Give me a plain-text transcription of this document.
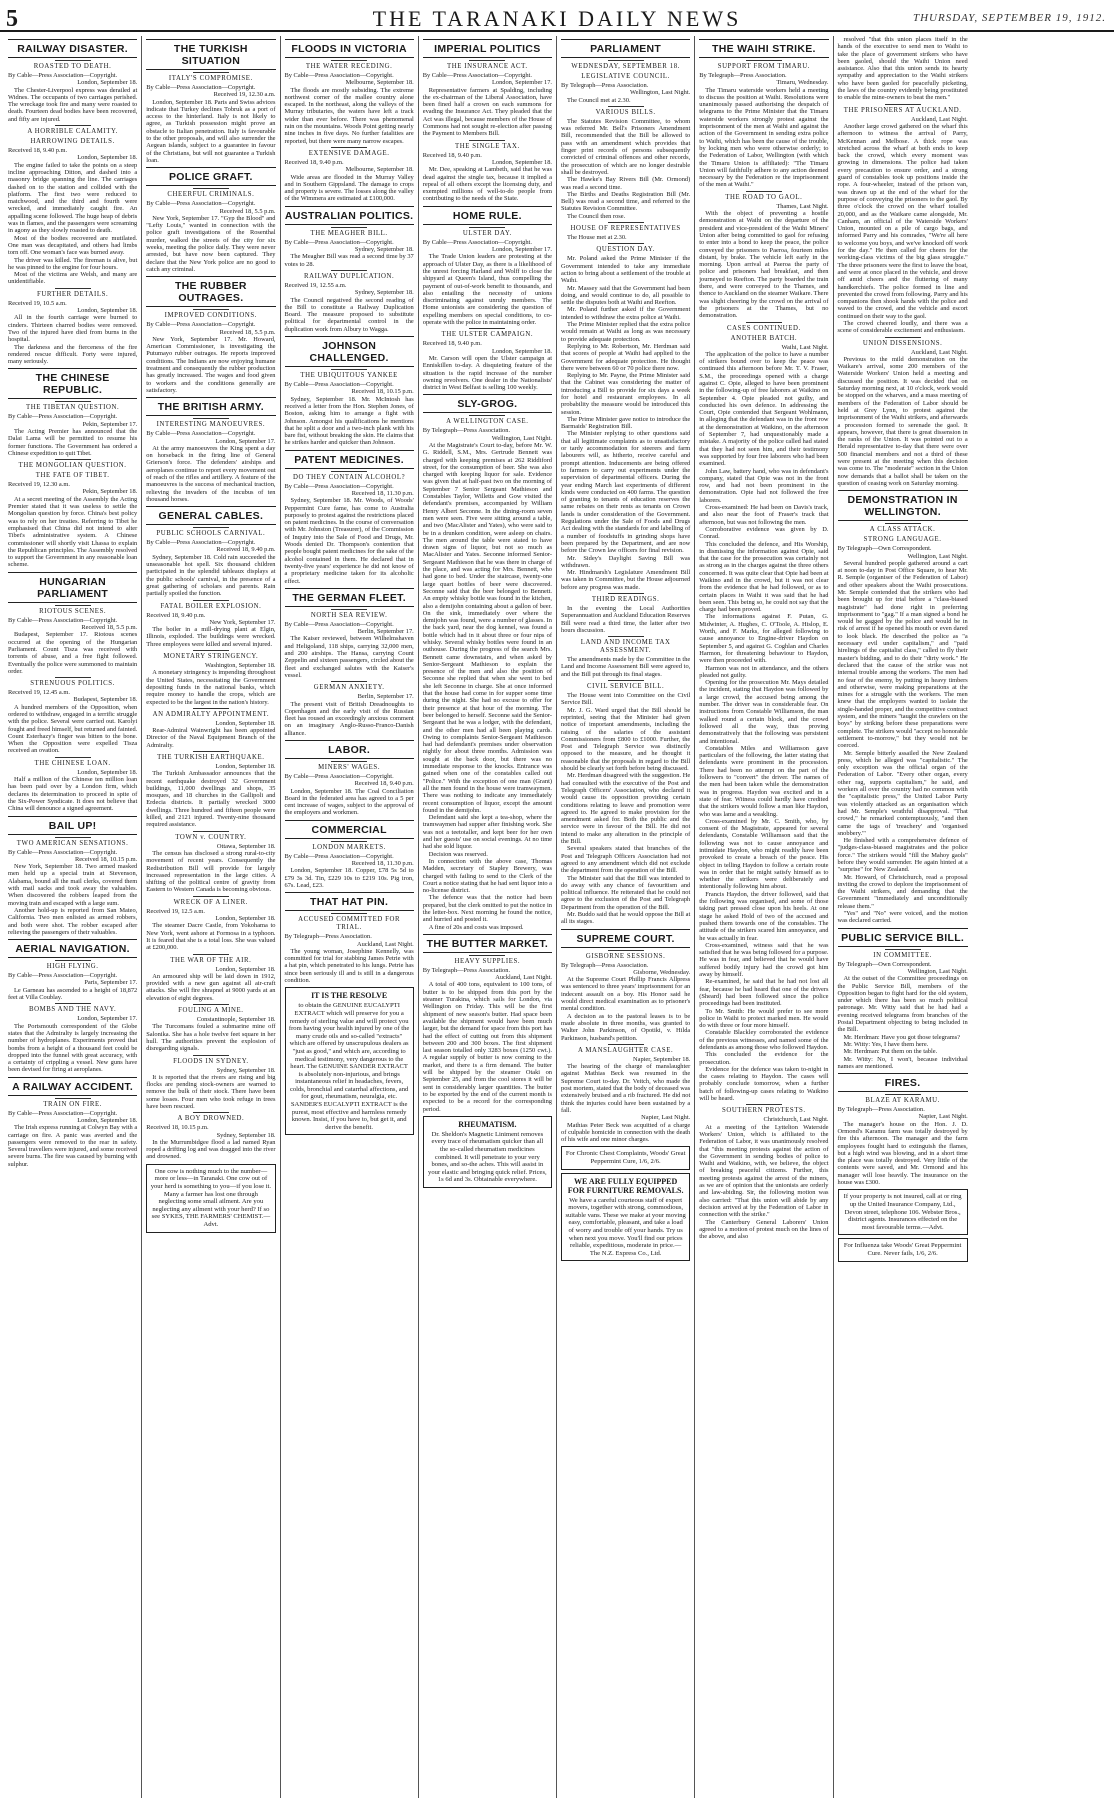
5	THE TARANAKI DAILY NEWS	THURSDAY, SEPTEMBER 19, 1912.
RAILWAY DISASTER.
ROASTED TO DEATH.
By Cable—Press Association—Copyright.
London, September 18.

The Chester-Liverpool express was derailed at Widnes. The occupants of two carriages perished. The wreckage took fire and many were roasted to death. Fourteen dead bodies have been recovered, and fifty are injured.

A HORRIBLE CALAMITY.
HARROWING DETAILS.
Received 18, 9.40 p.m.
London, September 18.

The engine failed to take the points on a steep incline approaching Ditton, and dashed into a masonry bridge spanning the line. The carriages dashed on to the station and collided with the platform. The first two were reduced to matchwood, and the third and fourth were wrecked, and immediately caught fire. An appalling scene followed. The huge heap of debris was in flames, and the passengers were screaming in agony as they slowly roasted to death.

Most of the bodies recovered are mutilated. One man was decapitated, and others had limbs torn off. One woman's face was burned away.

The driver was killed. The fireman is alive, but he was pinned to the engine for four hours.

Most of the victims are Welsh, and many are unidentifiable.

FURTHER DETAILS.
Received 19, 10.5 a.m.
London, September 18.

All in the fourth carriage were burned to cinders. Thirteen charred bodies were removed. Two of the injured have died from burns in the hospital.

The darkness and the fierceness of the fire rendered rescue difficult. Forty were injured, many seriously.

THE CHINESE REPUBLIC.
THE TIBETAN QUESTION.
By Cable—Press Association—Copyright.
Pekin, September 17.

The Acting Premier has announced that the Dalai Lama will be permitted to resume his former functions. The Government has ordered a Chinese expedition to quit Tibet.

THE MONGOLIAN QUESTION.
THE FATE OF TIBET.
Received 19, 12.30 a.m.
Pekin, September 18.

At a secret meeting of the Assembly the Acting Premier stated that it was useless to settle the Mongolian question by force. China's best policy was to rely on her treaties. Referring to Tibet he emphasised that China did not intend to alter Tibet's administrative system. A Chinese commissioner will shortly visit Lhassa to explain the Republican principles. The Assembly resolved to support the Government in any reasonable loan scheme.

HUNGARIAN PARLIAMENT
RIOTOUS SCENES.
By Cable—Press Association—Copyright.
Received 18, 5.5 p.m.

Budapest, September 17. Riotous scenes occurred at the opening of the Hungarian Parliament. Count Tisza was received with torrents of abuse, and a free fight followed. Eventually the police were summoned to maintain order.

STRENUOUS POLITICS.
Received 19, 12.45 a.m.
Budapest, September 18.

A hundred members of the Opposition, when ordered to withdraw, engaged in a terrific struggle with the police. Several were carried out. Karolyi fought and freed himself, but returned and fainted. Count Esterhazy's finger was bitten to the bone. When the Opposition were expelled Tisza received an ovation.

THE CHINESE LOAN.
London, September 18.

Half a million of the Chinese ten million loan has been paid over by a London firm, which declares its determination to proceed in spite of the Six-Power Syndicate. It does not believe that China will denounce a signed agreement.

BAIL UP!
TWO AMERICAN SENSATIONS.
By Cable—Press Association—Copyright.
Received 18, 10.15 p.m.

New York, September 18. Two armed masked men held up a special train at Stevenson, Alabama, bound all the mail clerks, covered them with mail sacks and took away the valuables. When discovered the robbers leaped from the moving train and escaped with a large sum.

Another hold-up is reported from San Mateo, California. Two men enlisted as armed robbers, and both were shot. The robber escaped after relieving the passengers of their valuables.

AERIAL NAVIGATION.
HIGH FLYING.
By Cable—Press Association—Copyright.
Paris, September 17.

Le Garneau has ascended to a height of 18,872 feet at Villa Coublay.

BOMBS AND THE NAVY.
London, September 17.

The Portsmouth correspondent of the Globe states that the Admiralty is largely increasing the number of hydroplanes. Experiments proved that bombs from a height of a thousand feet could be dropped into the funnel with great accuracy, with a certainty of crippling a vessel. New guns have been devised for firing at aeroplanes.

A RAILWAY ACCIDENT.
TRAIN ON FIRE.
By Cable—Press Association—Copyright.
London, September 18.

The Irish express running at Colwyn Bay with a carriage on fire. A panic was averted and the passengers were removed to the rear in safety. Several travellers were injured, and some received severe burns. The fire was caused by burning with sulphur.

THE TURKISH SITUATION
ITALY'S COMPROMISE.
By Cable—Press Association—Copyright.
Received 19, 12.30 a.m.

London, September 18. Paris and Swiss advices indicate that Turkey declines Tobruk as a port of access to the hinterland. Italy is not likely to agree, as Turkish possession might prove an obstacle to Italian penetration. Italy is favourable to the other proposals, and will also surrender the Aegean islands, subject to a guarantee in favour of the Christians, but will not guarantee a Turkish loan.

POLICE GRAFT.
CHEERFUL CRIMINALS.
By Cable—Press Association—Copyright.
Received 18, 5.5 p.m.

New York, September 17. "Gyp the Blood" and "Lefty Louis," wanted in connection with the police graft investigations of the Rosenthal murder, walked the streets of the city for six weeks, meeting the police daily. They were never arrested, but have now been captured. They declare that the New York police are no good to catch any criminal.

THE RUBBER OUTRAGES.
IMPROVED CONDITIONS.
By Cable—Press Association—Copyright.
Received 18, 5.5 p.m.

New York, September 17. Mr. Howard, American Commissioner, is investigating the Putumayo rubber outrages. He reports improved conditions. The Indians are now enjoying humane treatment and consequently the rubber production has greatly increased. The wages and food given to workers and the conditions generally are satisfactory.

THE BRITISH ARMY.
INTERESTING MANOEUVRES.
By Cable—Press Association—Copyright.
London, September 17.

At the army manoeuvres the King spent a day on horseback in the firing line of General Grierson's force. The defenders' airships and aeroplanes continue to report every movement out of reach of the rifles and artillery. A feature of the manoeuvres is the success of mechanical traction, relieving the invaders of the incubus of ten thousand horses.

GENERAL CABLES.
PUBLIC SCHOOLS CARNIVAL.
By Cable—Press Association—Copyright.
Received 18, 9.40 p.m.

Sydney, September 18. Cold rain succeeded the unseasonable hot spell. Six thousand children participated in the splendid tableaux displays at the public schools' carnival, in the presence of a great gathering of scholars and parents. Rain partially spoiled the function.

FATAL BOILER EXPLOSION.
Received 18, 9.40 p.m.
New York, September 17.

The boiler in a mill-drying plant at Elgin, Illinois, exploded. The buildings were wrecked. Three employees were killed and several injured.

MONETARY STRINGENCY.
Washington, September 18.

A monetary stringency is impending throughout the United States, necessitating the Government depositing funds in the national banks, which require money to handle the crops, which are expected to be the largest in the nation's history.

AN ADMIRALTY APPOINTMENT.
London, September 18.

Rear-Admiral Wainwright has been appointed Director of the Naval Equipment Branch of the Admiralty.

THE TURKISH EARTHQUAKE.
London, September 18.

The Turkish Ambassador announces that the recent earthquake destroyed 32 Government buildings, 11,000 dwellings and shops, 35 mosques, and 18 churches in the Gallipoli and Erdecia districts. It partially wrecked 3000 dwellings. Three hundred and fifteen people were killed, and 2121 injured. Twenty-nine thousand required assistance.

TOWN v. COUNTRY.
Ottawa, September 18.

The census has disclosed a strong rural-to-city movement of recent years. Consequently the Redistribution Bill will provide for largely increased representation in the large cities. A shifting of the political centre of gravity from Eastern to Western Canada is becoming obvious.

WRECK OF A LINER.
Received 19, 12.5 a.m.
London, September 18.

The steamer Dacre Castle, from Yokohama to New York, went ashore at Formosa in a typhoon. It is feared that she is a total loss. She was valued at £200,000.

THE WAR OF THE AIR.
London, September 18.

An armoured ship will be laid down in 1912, provided with a new gun against all air-craft attacks. She will fire shrapnel at 9000 yards at an elevation of eight degrees.

FOULING A MINE.
Constantinople, September 18.

The Turcomans fouled a submarine mine off Salonika. She has a hole twelve feet square in her hull. The authorities prevent the explosion of disregarding signals.

FLOODS IN SYDNEY.
Sydney, September 18.

It is reported that the rivers are rising and big flocks are pending stock-owners are warned to remove the bulk of their stock. There have been some losses. Four men who took refuge in trees have been rescued.

A BOY DROWNED.
Received 18, 10.15 p.m.
Sydney, September 18.

In the Murrumbidgee flood a lad named Ryan roped a drifting log and was dragged into the river and drowned.

One cow is nothing much to the number—more or less—in Taranaki. One cow out of your herd is something to you—if you lose it. Many a farmer has lost one through neglecting some small ailment. Are you neglecting any ailment with your herd? If so see SYKES, THE FARMERS' CHEMIST.—Advt.
FLOODS IN VICTORIA
THE WATER RECEDING.
By Cable—Press Association—Copyright.
Melbourne, September 18.

The floods are mostly subsiding. The extreme northwest corner of the mallee country alone escaped. In the northeast, along the valleys of the Murray tributaries, the waters have left a track wider than ever before. There was phenomenal rain on the mountains. Woods Point getting nearly nine inches in five days. No further fatalities are reported, but there were many narrow escapes.

EXTENSIVE DAMAGE.
Received 18, 9.40 p.m.
Melbourne, September 18.

Wide areas are flooded in the Murray Valley and in Southern Gippsland. The damage to crops and property is severe. The losses along the valley of the Wimmera are estimated at £100,000.

AUSTRALIAN POLITICS.
THE MEAGHER BILL.
By Cable—Press Association—Copyright.
Sydney, September 18.

The Meagher Bill was read a second time by 37 votes to 28.

RAILWAY DUPLICATION.
Received 19, 12.55 a.m.
Sydney, September 18.

The Council negatived the second reading of the Bill to constitute a Railway Duplication Board. The measure proposed to substitute political for departmental control in the duplication work from Albury to Wagga.

JOHNSON CHALLENGED.
THE UBIQUITOUS YANKEE
By Cable—Press Association—Copyright.
Received 18, 10.15 p.m.

Sydney, September 18. Mr. McIntosh has received a letter from the Hon. Stephen Jones, of Boston, asking him to arrange a fight with Johnson. Amongst his qualifications he mentions that he split a door and a two-inch plank with his bare fist, without breaking the skin. He claims that he strikes harder and quicker than Johnson.

PATENT MEDICINES.
DO THEY CONTAIN ALCOHOL?
By Cable—Press Association—Copyright.
Received 18, 11.30 p.m.

Sydney, September 18. Mr. Woods, of Woods' Peppermint Cure fame, has come to Australia purposely to protest against the restrictions placed on patent medicines. In the course of conversation with Mr. Johnston (Treasurer), of the Commission of Inquiry into the Sale of Food and Drugs, Mr. Woods denied Dr. Thompson's contention that people bought patent medicines for the sake of the alcohol contained in them. He declared that in twenty-five years' experience he did not know of a proprietary medicine taken for its alcoholic effect.

THE GERMAN FLEET.
NORTH SEA REVIEW.
By Cable—Press Association—Copyright.
Berlin, September 17.

The Kaiser reviewed, between Wilhelmshaven and Heligoland, 118 ships, carrying 32,000 men, and 200 airships. The Hansa, carrying Count Zeppelin and sixteen passengers, circled about the fleet and exchanged salutes with the Kaiser's vessel.

GERMAN ANXIETY.
Berlin, September 17.

The present visit of British Dreadnoughts to Copenhagen and the early visit of the Russian fleet has roused an exceedingly anxious comment on an imaginary Anglo-Russo-Franco-Danish alliance.

LABOR.
MINERS' WAGES.
By Cable—Press Association—Copyright.
Received 18, 9.40 p.m.

London, September 18. The Coal Conciliation Board in the federated area has agreed to a 5 per cent increase of wages, subject to the approval of the employers and workmen.

COMMERCIAL
LONDON MARKETS.
By Cable—Press Association—Copyright.
Received 18, 11.30 p.m.

London, September 18. Copper, £78 5s 5d to £79 3s 3d. Tin, £229 10s to £219 10s. Pig iron, 67s. Lead, £23.

THAT HAT PIN.
ACCUSED COMMITTED FOR TRIAL.
By Telegraph—Press Association.
Auckland, Last Night.

The young woman, Josephine Kennelly, was committed for trial for stabbing James Petrie with a hat pin, which penetrated to his lungs. Petrie has since been seriously ill and is still in a dangerous condition.

IT IS THE RESOLVE
to obtain the GENUINE EUCALYPTI EXTRACT which will preserve for you a remedy of sterling value and will protect you from having your health injured by one of the many crude oils and so-called "extracts" which are offered by unscrupulous dealers as "just as good," and which are, according to medical testimony, very dangerous to the heart. The GENUINE SANDER EXTRACT is absolutely non-injurious, and brings instantaneous relief in headaches, fevers, colds, bronchial and catarrhal affections, and for gout, rheumatism, neuralgia, etc. SANDER'S EUCALYPTI EXTRACT is the purest, most effective and harmless remedy known. Insist, if you have to, but get it, and derive the benefit.
IMPERIAL POLITICS
THE INSURANCE ACT.
By Cable—Press Association—Copyright.
London, September 17.

Representative farmers at Spalding, including the ex-chairman of the Liberal Association, have been fined half a crown on each summons for evading the Insurance Act. They pleaded that the Act was illegal, because members of the House of Commons had not sought re-election after passing the Payment to Members Bill.

THE SINGLE TAX.
Received 18, 9.40 p.m.
London, September 18.

Mr. Dee, speaking at Lambeth, said that he was dead against the single tax, because it implied a repeal of all others except the licensing duty, and exempted millions of well-to-do people from contributing to the needs of the State.

HOME RULE.
ULSTER DAY.
By Cable—Press Association—Copyright.
London, September 17.

The Trade Union leaders are protesting at the approach of Ulster Day, as there is a likelihood of the unrest forcing Harland and Wolff to close the shipyard at Queen's Island, thus compelling the payment of out-of-work benefit to thousands, and also entailing the necessity of unions discriminating against unruly members. The Home unionists are considering the question of expelling members on special conditions, to co-operate with the police in maintaining order.

THE ULSTER CAMPAIGN.
Received 18, 9.40 p.m.
London, September 18.

Mr. Carson will open the Ulster campaign at Enniskillen to-day. A disquieting feature of the situation is the rapid increase of the number owning revolvers. One dealer in the Nationalists' district in West Belfast is selling 100 weekly.

SLY-GROG.
A WELLINGTON CASE.
By Telegraph—Press Association.
Wellington, Last Night.

At the Magistrate's Court to-day, before Mr. W. G. Riddell, S.M., Mrs. Gertrude Bennett was charged with keeping premises at 262 Riddiford street, for the consumption of beer. She was also charged with keeping liquor for sale. Evidence was given that at half-past two on the morning of September 7 Senior Sergeant Mathieson and Constables Taylor, Willetts and Gow visited the defendant's premises, accompanied by William Henry Albert Seconne. In the dining-room seven men were seen. Five were sitting around a table, and two (MacAlister and Yates), who were said to be in a drunken condition, were asleep on chairs. The men around the table were stated to have drawn signs of liquor, but not so much as MacAlister and Yates. Seconne informed Senior-Sergeant Mathieson that he was there in charge of the place, and was acting for Mrs. Bennett, who had gone to bed. Under the staircase, twenty-one large quart bottles of beer were discovered. Seconne said that the beer belonged to Bennett. An empty whisky bottle was found in the kitchen, also a demijohn containing about a gallon of beer. On the sink, immediately over where the demijohn was found, were a number of glasses. In the back yard, near the dog kennel, was found a bottle which had in it about three or four nips of whisky. Several whisky bottles were found in an outhouse. During the progress of the search Mrs. Bennett came downstairs, and when asked by Senior-Sergeant Mathieson to explain the presence of the men and also the position of Seconne she replied that when she went to bed she left Seconne in charge. She at once informed that the house had come in for supper some time during the night. She had no excuse to offer for their presence at that hour of the morning. The beer belonged to herself. Seconne said the Senior-Sergeant that he was a lodger, with the defendant, and the other men had all been playing cards. Owing to complaints Senior-Sergeant Mathieson had had defendant's premises under observation nightly for about three months. Admission was sought at the back door, but there was no immediate response to the knocks. Entrance was gained when one of the constables called out "Police." With the exception of one man (Grant) all the men found in the house were tramwaymen. There was nothing to indicate any immediately recent consumption of liquor, except the amount found in the demijohn.

Defendant said she kept a tea-shop, where the tramwaymen had supper after finishing work. She was not a teetotaller, and kept beer for her own and her guests' use on social evenings. At no time had she sold liquor.

Decision was reserved.

In connection with the above case, Thomas Madden, secretary of Stapley Brewery, was charged with failing to send to the Clerk of the Court a notice stating that he had sent liquor into a no-license district.

The defence was that the notice had been prepared, but the clerk omitted to put the notice in the letter-box. Next morning he found the notice, and hurried and posted it.

A fine of 20s and costs was imposed.

THE BUTTER MARKET.
HEAVY SUPPLIES.
By Telegraph—Press Association.
Auckland, Last Night.

A total of 400 tons, equivalent to 100 tons, of butter is to be shipped from this port by the steamer Turakina, which sails for London, via Wellington on Friday. This will be the first shipment of new season's butter. Had space been available the shipment would have been much larger, but the demand for space from this port has had the effect of cutting out from this shipment between 200 and 300 boxes. The first shipment last season totalled only 3283 boxes (1250 cwt.). A regular supply of butter is now coming to the market, and there is a firm demand. The butter will be shipped by the steamer Otaki on September 25, and from the cool stores it will be sent in considerably larger quantities. The butter to be exported by the end of the current month is expected to be a record for the corresponding period.

RHEUMATISM.
Dr. Sheldon's Magnetic Liniment removes every trace of rheumatism quicker than all the so-called rheumatism medicines combined. It will penetrate to your very bones, and so-the aches. This will assist in your elastic and bringing quick relief. Prices, 1s 6d and 3s. Obtainable everywhere.
PARLIAMENT
WEDNESDAY, SEPTEMBER 18.
LEGISLATIVE COUNCIL.
By Telegraph—Press Association.
Wellington, Last Night.

The Council met at 2.30.

VARIOUS BILLS.

The Statutes Revision Committee, to whom was referred Mr. Bell's Prisoners Amendment Bill, recommended that the Bill be allowed to pass with an amendment which provides that finger print records of persons subsequently convicted of criminal offences and other records, the prosecution of which are no longer desirable shall be destroyed.

The Hawke's Bay Rivers Bill (Mr. Ormond) was read a second time.

The Births and Deaths Registration Bill (Mr. Bell) was read a second time, and referred to the Statutes Revision Committee.

The Council then rose.

HOUSE OF REPRESENTATIVES

The House met at 2.30.

QUESTION DAY.

Mr. Poland asked the Prime Minister if the Government intended to take any immediate action to bring about a settlement of the trouble at Waihi.

Mr. Massey said that the Government had been doing, and would continue to do, all possible to settle the disputes both at Waihi and Reefton.

Mr. Poland further asked if the Government intended to withdraw the extra police at Waihi.

The Prime Minister replied that the extra police would remain at Waihi as long as was necessary to provide adequate protection.

Replying to Mr. Robertson, Mr. Herdman said that scores of people at Waihi had applied to the Government for adequate protection. He thought there were between 60 or 70 police there now.

Replying to Mr. Payne, the Prime Minister said that the Cabinet was considering the matter of introducing a Bill to provide for six days a week for hotel and restaurant employees. In all probability the measure would be introduced this session.

The Prime Minister gave notice to introduce the Barmaids' Registration Bill.

The Minister replying to other questions said that all legitimate complaints as to unsatisfactory or tardy accommodation for steerers and farm labourers will, as hitherto, receive careful and prompt attention. Inducements are being offered to farmers to carry out experiments under the supervision of departmental officers. During the year ending March last experiments of different kinds were conducted on 400 farms. The question of granting to tenants of education reserves the same rebates on their rents as tenants on Crown lands is under consideration of the Government. Regulations under the Sale of Foods and Drugs Act dealing with the standards for and labelling of a number of foodstuffs in grinding shops have been prepared by the Department, and are now before the Crown law officers for final revision.

Mr. Sidey's Daylight Saving Bill was withdrawn.

Mr. Hindmarsh's Legislature Amendment Bill was taken in Committee, but the House adjourned before any progress was made.

THIRD READINGS.

In the evening the Local Authorities Superannuation and Auckland Education Reserves Bill were read a third time, the latter after two hours discussion.

LAND AND INCOME TAX ASSESSMENT.

The amendments made by the Committee in the Land and Income Assessment Bill were agreed to, and the Bill put through its final stages.

CIVIL SERVICE BILL.

The House went into Committee on the Civil Service Bill.

Mr. J. G. Ward urged that the Bill should be reprinted, seeing that the Minister had given notice of important amendments, including the raising of the salaries of the assistant Commissioners from £800 to £1000. Further, the Post and Telegraph Service was distinctly opposed to the measure, and he thought it reasonable that the proposals in regard to the Bill should be clearly set forth before being discussed.

Mr. Herdman disagreed with the suggestion. He had consulted with the executive of the Post and Telegraph Officers' Association, who declared it would cause its opposition providing certain conditions relating to leave and promotion were agreed to. He agreed to make provision for the amendment asked for. Both the public and the service were in favour of the Bill. He did not intend to make any alteration in the principle of the Bill.

Several speakers stated that branches of the Post and Telegraph Officers Association had not agreed to any amendment which did not exclude the department from the operation of the Bill.

The Minister said that the Bill was intended to do away with any chance of favouritism and political influence. He reiterated that he could not agree to the exclusion of the Post and Telegraph Department from the operation of the Bill.

Mr. Buddo said that he would oppose the Bill at all its stages.

SUPREME COURT.
GISBORNE SESSIONS.
By Telegraph—Press Association.
Gisborne, Wednesday.

At the Supreme Court Phillip Francis Allpress was sentenced to three years' imprisonment for an indecent assault on a boy. His Honor said he would direct medical examination as to prisoner's mental condition.

A decision as to the pastoral leases is to be made absolute in three months, was granted to Walter John Parkinson, of Opotiki, v. Hilda Parkinson, husband's petition.

A MANSLAUGHTER CASE.
Napier, September 18.

The hearing of the charge of manslaughter against Mathias Beck was resumed in the Supreme Court to-day. Dr. Veitch, who made the post mortem, stated that the body of deceased was extensively bruised and a rib fractured. He did not think the injuries could have been sustained by a fall.

Napier, Last Night.

Mathias Peter Beck was acquitted of a charge of culpable homicide in connection with the death of his wife and one minor charges.

For Chronic Chest Complaints, Woods' Great Peppermint Cure, 1/6, 2/6.
WE ARE FULLY EQUIPPED FOR FURNITURE REMOVALS.
We have a careful courteous staff of expert movers, together with strong, commodious, suitable vans. These we make at your moving easy, comfortable, pleasant, and take a load of worry and trouble off your hands. Try us when next you move. You'll find our prices reliable, expeditious, moderate in price.—The N.Z. Express Co., Ltd.
THE WAIHI STRIKE.
SUPPORT FROM TIMARU.
By Telegraph—Press Association.
Timaru, Wednesday.

The Timaru waterside workers held a meeting to discuss the position at Waihi. Resolutions were unanimously passed authorising the despatch of telegrams to the Prime Minister that the Timaru waterside workers strongly protest against the imprisonment of the men at Waihi and against the action of the Government in sending extra police to Waihi, which has been the cause of the trouble, by locking men who were otherwise orderly; to the Federation of Labor, Wellington (with which the Timaru Union is affiliated): "The Timaru Union will faithfully adhere to any action deemed necessary by the Federation re the imprisonment of the men at Waihi."

THE ROAD TO GAOL.
Thames, Last Night.

With the object of preventing a hostile demonstration at Waihi on the departure of the president and vice-president of the Waihi Miners' Union after being committed to gaol for refusing to enter into a bond to keep the peace, the police conveyed the prisoners to Paeroa, fourteen miles distant, by brake. The vehicle left early in the morning. Upon arrival at Paeroa the party of police and prisoners had breakfast, and then journeyed to Reefton. The party boarded the train there, and were conveyed to the Thames, and thence to Auckland on the steamer Waikare. There was slight cheering by the crowd on the arrival of the prisoners at the Thames, but no demonstration.

CASES CONTINUED.
ANOTHER BATCH.
Waihi, Last Night.

The application of the police to have a number of strikers bound over to keep the peace was continued this afternoon before Mr. T. V. Fraser, S.M., the proceedings opened with a charge against C. Opie, alleged to have been prominent in the following-up of free laborers at Waikino on September 4. Opie pleaded not guilty, and conducted his own defence. In addressing the Court, Opie contended that Sergeant Wohlmann, in alleging that the defendant was in the front row at the demonstration at Waikino, on the afternoon of September 7, had unquestionably made a mistake. A majority of the police called had stated that they had not seen him, and their testimony was supported by four free laborers who had been examined.

John Law, battery hand, who was in defendant's company, stated that Opie was not in the front row, and had not been prominent in the demonstration. Opie had not followed the free laborers.

Cross-examined: He had been on Davis's track, and also near the foot of Fraser's track that afternoon, but was not following the men.

Corroborative evidence was given by D. Conrad.

This concluded the defence, and His Worship, in dismissing the information against Opie, said that the case for the prosecution was certainly not as strong as in the charges against the three others concerned. It was quite clear that Opie had been at Waikino and in the crowd, but it was not clear from the evidence that he had followed, or as to certain places in Waihi it was said that he had been seen. This being so, he could not say that the charge had been proved.

The informations against F. Putan, G. Midwinter, A. Hughes, C. O'Toole, A. Hislop, E. Worth, and F. Marks, for alleged following to cause annoyance to Engine-driver Haydon on September 5, and against G. Coghlan and Charles Harmon, for threatening behaviour to Haydon, were then proceeded with.

Harmon was not in attendance, and the others pleaded not guilty.

Opening for the prosecution Mr. Mays detailed the incident, stating that Haydon was followed by a large crowd, the accused being among the number. The driver was in considerable fear. On instructions from Constable Williamson, the man walked round a certain block, and the crowd followed all the way, thus proving demonstratively that the following was persistent and intentional.

Constables Miles and Williamson gave particulars of the following, the latter stating that defendants were prominent in the procession. There had been no attempt on the part of the followers to "convert" the driver. The names of the men had been taken while the demonstration was in progress. Haydon was excited and in a state of fear. Witness could hardly have credited that the strikers would follow a man like Haydon, who was lame and a weakling.

Cross-examined by Mr. C. Smith, who, by consent of the Magistrate, appeared for several defendants, Constable Williamson said that the following was not to cause annoyance and intimidate Haydon, who might readily have been provoked to create a breach of the peace. His object in telling Haydon to follow a certain route was in order that he might satisfy himself as to whether the strikers were deliberately and intentionally following him about.

Francis Haydon, the driver followed, said that the following was organised, and some of those taking part pressed close upon his heels. At one stage he asked Hold of two of the accused and pushed them towards one of the constables. The attitude of the strikers scared him annoyance, and he was actually in fear.

Cross-examined, witness said that he was satisfied that he was being followed for a purpose. He was in fear, and believed that he would have suffered bodily injury had the crowd got him away by himself.

Re-examined, he said that he had not lost all fear, because he had heard that one of the drivers (Sheard) had been followed since the police proceedings had been instituted.

To Mr. Smith: He would prefer to see more police in Waihi to protect marked men. He would do with three or four more himself.

Constable Blackley corroborated the evidence of the previous witnesses, and named some of the defendants as among those who followed Haydon.

This concluded the evidence for the prosecution.

Evidence for the defence was taken to-night in the cases relating to Haydon. The cases will probably conclude tomorrow, when a further batch of following-up cases relating to Waikino will be heard.

SOUTHERN PROTESTS.
Christchurch, Last Night.

At a meeting of the Lyttelton Waterside Workers' Union, which is affiliated to the Federation of Labor, it was unanimously resolved that "this meeting protests against the action of the Government in sending bodies of police to Waihi and Waikino, with, we believe, the object of breaking peaceful citizens. Further, this meeting protests against the arrest of the miners, as we are of opinion that the unionists are orderly and law-abiding. Sir, the following motion was also carried: "That this union will abide by any decision arrived at by the Federation of Labor in connection with the strike."

The Canterbury General Laborers' Union agreed to a motion of protest much on the lines of the above, and also

resolved "that this union places itself in the hands of the executive to send men to Waihi to take the place of government strikers who have been gaoled, should the Waihi Union need assistance. Also that this union sends its hearty sympathy and appreciation to the Waihi strikers who have been gaoled for peacefully picketing, the laws of the country evidently being prostituted to enable the mine-owners to beat the men."

THE PRISONERS AT AUCKLAND.
Auckland, Last Night.

Another large crowd gathered on the wharf this afternoon to witness the arrival of Parry, McKennan and Melbose. A thick rope was stretched across the wharf at both ends to keep back the crowd, which every moment was growing in dimensions. The police had taken every precaution to ensure order, and a strong guard of constables took up positions inside the rope. A four-wheeler, instead of the prison van, was drawn up at the end of the wharf for the purpose of conveying the prisoners to the gaol. By three o'clock the crowd on the wharf totalled 20,000, and as the Waikare came alongside, Mr. Canham, an official of the Waterside Workers' Union, mounted on a pile of cargo bags, and informed Parry and his comrades, "We're all here to welcome you boys, and we've knocked off work for the day." He then called for cheers for the working-class victims of the big glass struggle." The three prisoners were the first to leave the boat, and were at once placed in the vehicle, and drove off amid cheers and the fluttering of many handkerchiefs. The police formed in line and prevented the crowd from following. Parry and his companions then shook hands with the police and waved to the crowd, and the vehicle and escort continued on their way to the gaol.

The crowd cheered loudly, and there was a scene of considerable excitement and enthusiasm.

UNION DISSENSIONS.
Auckland, Last Night.

Previous to the mild demonstration on the Waikare's arrival, some 200 members of the Waterside Workers' Union held a meeting and discussed the position. It was decided that on Saturday morning next, at 10 o'clock, work would be stopped on the wharves, and a mass meeting of members of the Federation of Labor should be held at Grey Lynn, to protest against the imprisonment of the Waihi strikers, and afterwards a procession formed to serenade the gaol. It appears, however, that there is great dissension in the ranks of the Union. It was pointed out to a Herald representative to-day that there were over 500 financial members and not a third of these were present at the meeting when this decision was come to. The "moderate" section in the Union now demands that a ballot shall be taken on the question of ceasing work on Saturday morning.

DEMONSTRATION IN WELLINGTON.
A CLASS ATTACK.
STRONG LANGUAGE.
By Telegraph—Own Correspondent.
Wellington, Last Night.

Several hundred people gathered around a cart at noon to-day in Post Office Square, to hear Mr. R. Semple (organiser of the Federation of Labor) and other speakers about the Waihi prosecutions. Mr. Semple contended that the strikers who had been brought up for trial before a "class-biased magistrate" had done right in preferring imprisonment to "gag." If a man signed a bond he would be gagged by the police and would be in risk of arrest if he opened his mouth or even dared to look black. He described the police as "a necessary evil under capitalism," and "paid hirelings of the capitalist class," called to fly their master's bidding, and to do their "dirty work." He declared that the cause of the strike was not internal trouble among the workers. The men had no fear of the enemy, by putting in heavy timbers and otherwise, were making preparations at the mines for a struggle with the workers. The men knew that the employers wanted to isolate the single-handed proper, and the competitive contract system, and the miners "taught the crawlers on the boys" by striking before these preparations were complete. The strikers would "accept no honorable settlement to-morrow," but they would not be coerced.

Mr. Semple bitterly assailed the New Zealand press, which he alleged was "capitalistic." The only exception was the official organ of the Federation of Labor. "Every other organ, every other rag, supports capitalism," he said, and workers all over the country had no common with the "capitalistic press," the United Labor Party was violently attacked as an organisation which had Mr. Semple's wrathful disapproval. "That crowd," he remarked contemptuously, "and then came the tags of 'treachery' and 'organised snobbery.'"

He finished with a comprehensive defence of "judges-class-biassed magistrates and the police force." The strikers would "fill the Mahoy gaols" before they would surrender. He again hinted at a "surprise" for New Zealand.

Mr. Howard, of Christchurch, read a proposal inviting the crowd to deplore the imprisonment of the Waihi strikers, and demanding that the Government "immediately and unconditionally release them."

"Yes" and "No" were voiced, and the motion was declared carried.

PUBLIC SERVICE BILL.
IN COMMITTEE.
By Telegraph—Own Correspondent.
Wellington, Last Night.

At the outset of the Committee proceedings on the Public Service Bill, members of the Opposition began to fight hard for the old system, under which there has been so much political patronage. Mr. Witty said that he had had a evening received telegrams from branches of the Postal Department objecting to being included in the Bill.

Mr. Herdman: Have you got those telegrams?

Mr. Witty: Yes, I have them here.

Mr. Herdman: Put them on the table.

Mr. Witty: No, I won't, because individual names are mentioned.

FIRES.
BLAZE AT KARAMU.
By Telegraph—Press Association.
Napier, Last Night.

The manager's house on the Hon. J. D. Ormond's Karamu farm was totally destroyed by fire this afternoon. The manager and the farm employees fought hard to extinguish the flames, but a high wind was blowing, and in a short time the place was totally destroyed. Very little of the contents were saved, and Mr. Ormond and his manager will lose heavily. The insurance on the house was £300.

If your property is not insured, call at or ring up the United Insurance Company, Ltd., Devon street, telephone 106. Webster Bros., district agents. Insurances effected on the most favourable terms.—Advt.
For Influenza take Woods' Great Peppermint Cure. Never fails, 1/6, 2/6.
